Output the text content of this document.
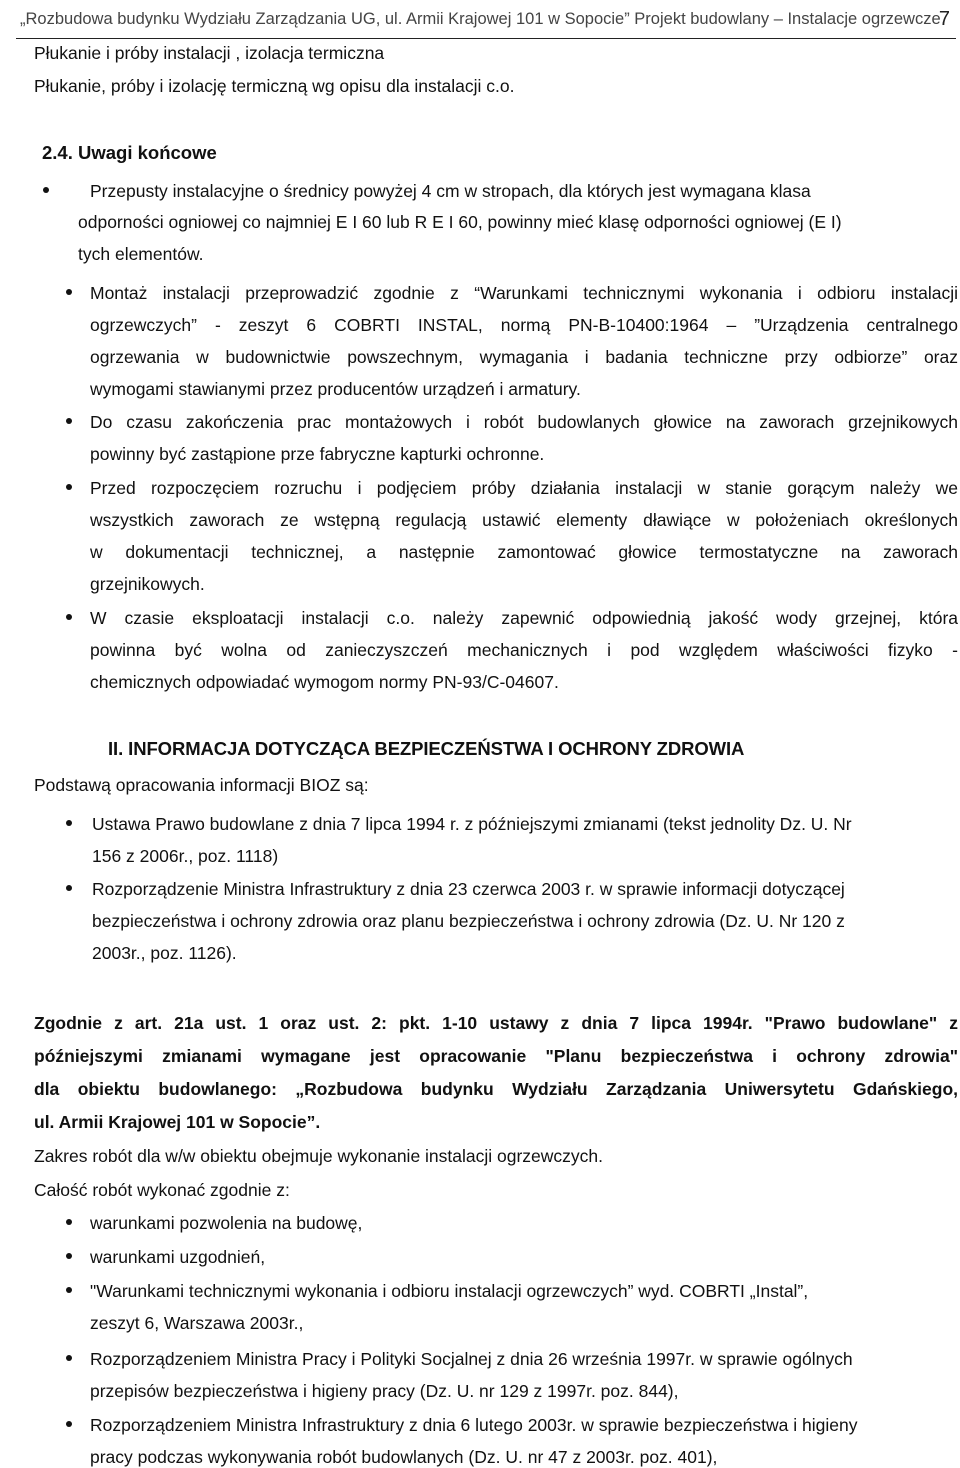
„Rozbudowa budynku Wydziału Zarządzania UG, ul. Armii Krajowej 101 w Sopocie” Projekt budowlany – Instalacje ogrzewcze
7
Płukanie i próby instalacji , izolacja termiczna
Płukanie, próby i izolację termiczną wg opisu dla instalacji c.o.
2.4. Uwagi końcowe
Przepusty instalacyjne o średnicy powyżej 4 cm w stropach, dla których jest wymagana klasa
odporności ogniowej co najmniej E I 60 lub R E I 60, powinny mieć klasę odporności ogniowej (E I)
tych elementów.
Montaż instalacji przeprowadzić zgodnie z “Warunkami technicznymi wykonania i odbioru instalacji
ogrzewczych” - zeszyt 6 COBRTI INSTAL, normą PN-B-10400:1964 – ”Urządzenia centralnego
ogrzewania w budownictwie powszechnym, wymagania i badania techniczne przy odbiorze” oraz
wymogami stawianymi przez producentów urządzeń i armatury.
Do czasu zakończenia prac montażowych i robót budowlanych głowice na zaworach grzejnikowych
powinny być zastąpione prze fabryczne kapturki ochronne.
Przed rozpoczęciem rozruchu i podjęciem próby działania instalacji w stanie gorącym należy we
wszystkich zaworach ze wstępną regulacją ustawić elementy dławiące w położeniach określonych
w dokumentacji technicznej, a następnie zamontować głowice termostatyczne na zaworach
grzejnikowych.
W czasie eksploatacji instalacji c.o. należy zapewnić odpowiednią jakość wody grzejnej, która
powinna być wolna od zanieczyszczeń mechanicznych i pod względem właściwości fizyko -
chemicznych odpowiadać wymogom normy PN-93/C-04607.
II. INFORMACJA DOTYCZĄCA BEZPIECZEŃSTWA I OCHRONY ZDROWIA
Podstawą opracowania informacji BIOZ są:
Ustawa Prawo budowlane z dnia 7 lipca 1994 r. z późniejszymi zmianami (tekst jednolity Dz. U. Nr
156 z 2006r., poz. 1118)
Rozporządzenie Ministra Infrastruktury z dnia 23 czerwca 2003 r. w sprawie informacji dotyczącej
bezpieczeństwa i ochrony zdrowia oraz planu bezpieczeństwa i ochrony zdrowia (Dz. U. Nr 120 z
2003r., poz. 1126).
Zgodnie z art. 21a ust. 1 oraz ust. 2: pkt. 1-10 ustawy z dnia 7 lipca 1994r. "Prawo budowlane" z
późniejszymi zmianami wymagane jest opracowanie "Planu bezpieczeństwa i ochrony zdrowia"
dla obiektu budowlanego: „Rozbudowa budynku Wydziału Zarządzania Uniwersytetu Gdańskiego,
ul. Armii Krajowej 101 w Sopocie”.
Zakres robót dla w/w obiektu obejmuje wykonanie instalacji ogrzewczych.
Całość robót wykonać zgodnie z:
warunkami pozwolenia na budowę,
warunkami uzgodnień,
"Warunkami technicznymi wykonania i odbioru instalacji ogrzewczych” wyd. COBRTI „Instal”,
zeszyt 6, Warszawa 2003r.,
Rozporządzeniem Ministra Pracy i Polityki Socjalnej z dnia 26 września 1997r. w sprawie ogólnych
przepisów bezpieczeństwa i higieny pracy (Dz. U. nr 129 z 1997r. poz. 844),
Rozporządzeniem Ministra Infrastruktury z dnia 6 lutego 2003r. w sprawie bezpieczeństwa i higieny
pracy podczas wykonywania robót budowlanych (Dz. U. nr 47 z 2003r. poz. 401),
